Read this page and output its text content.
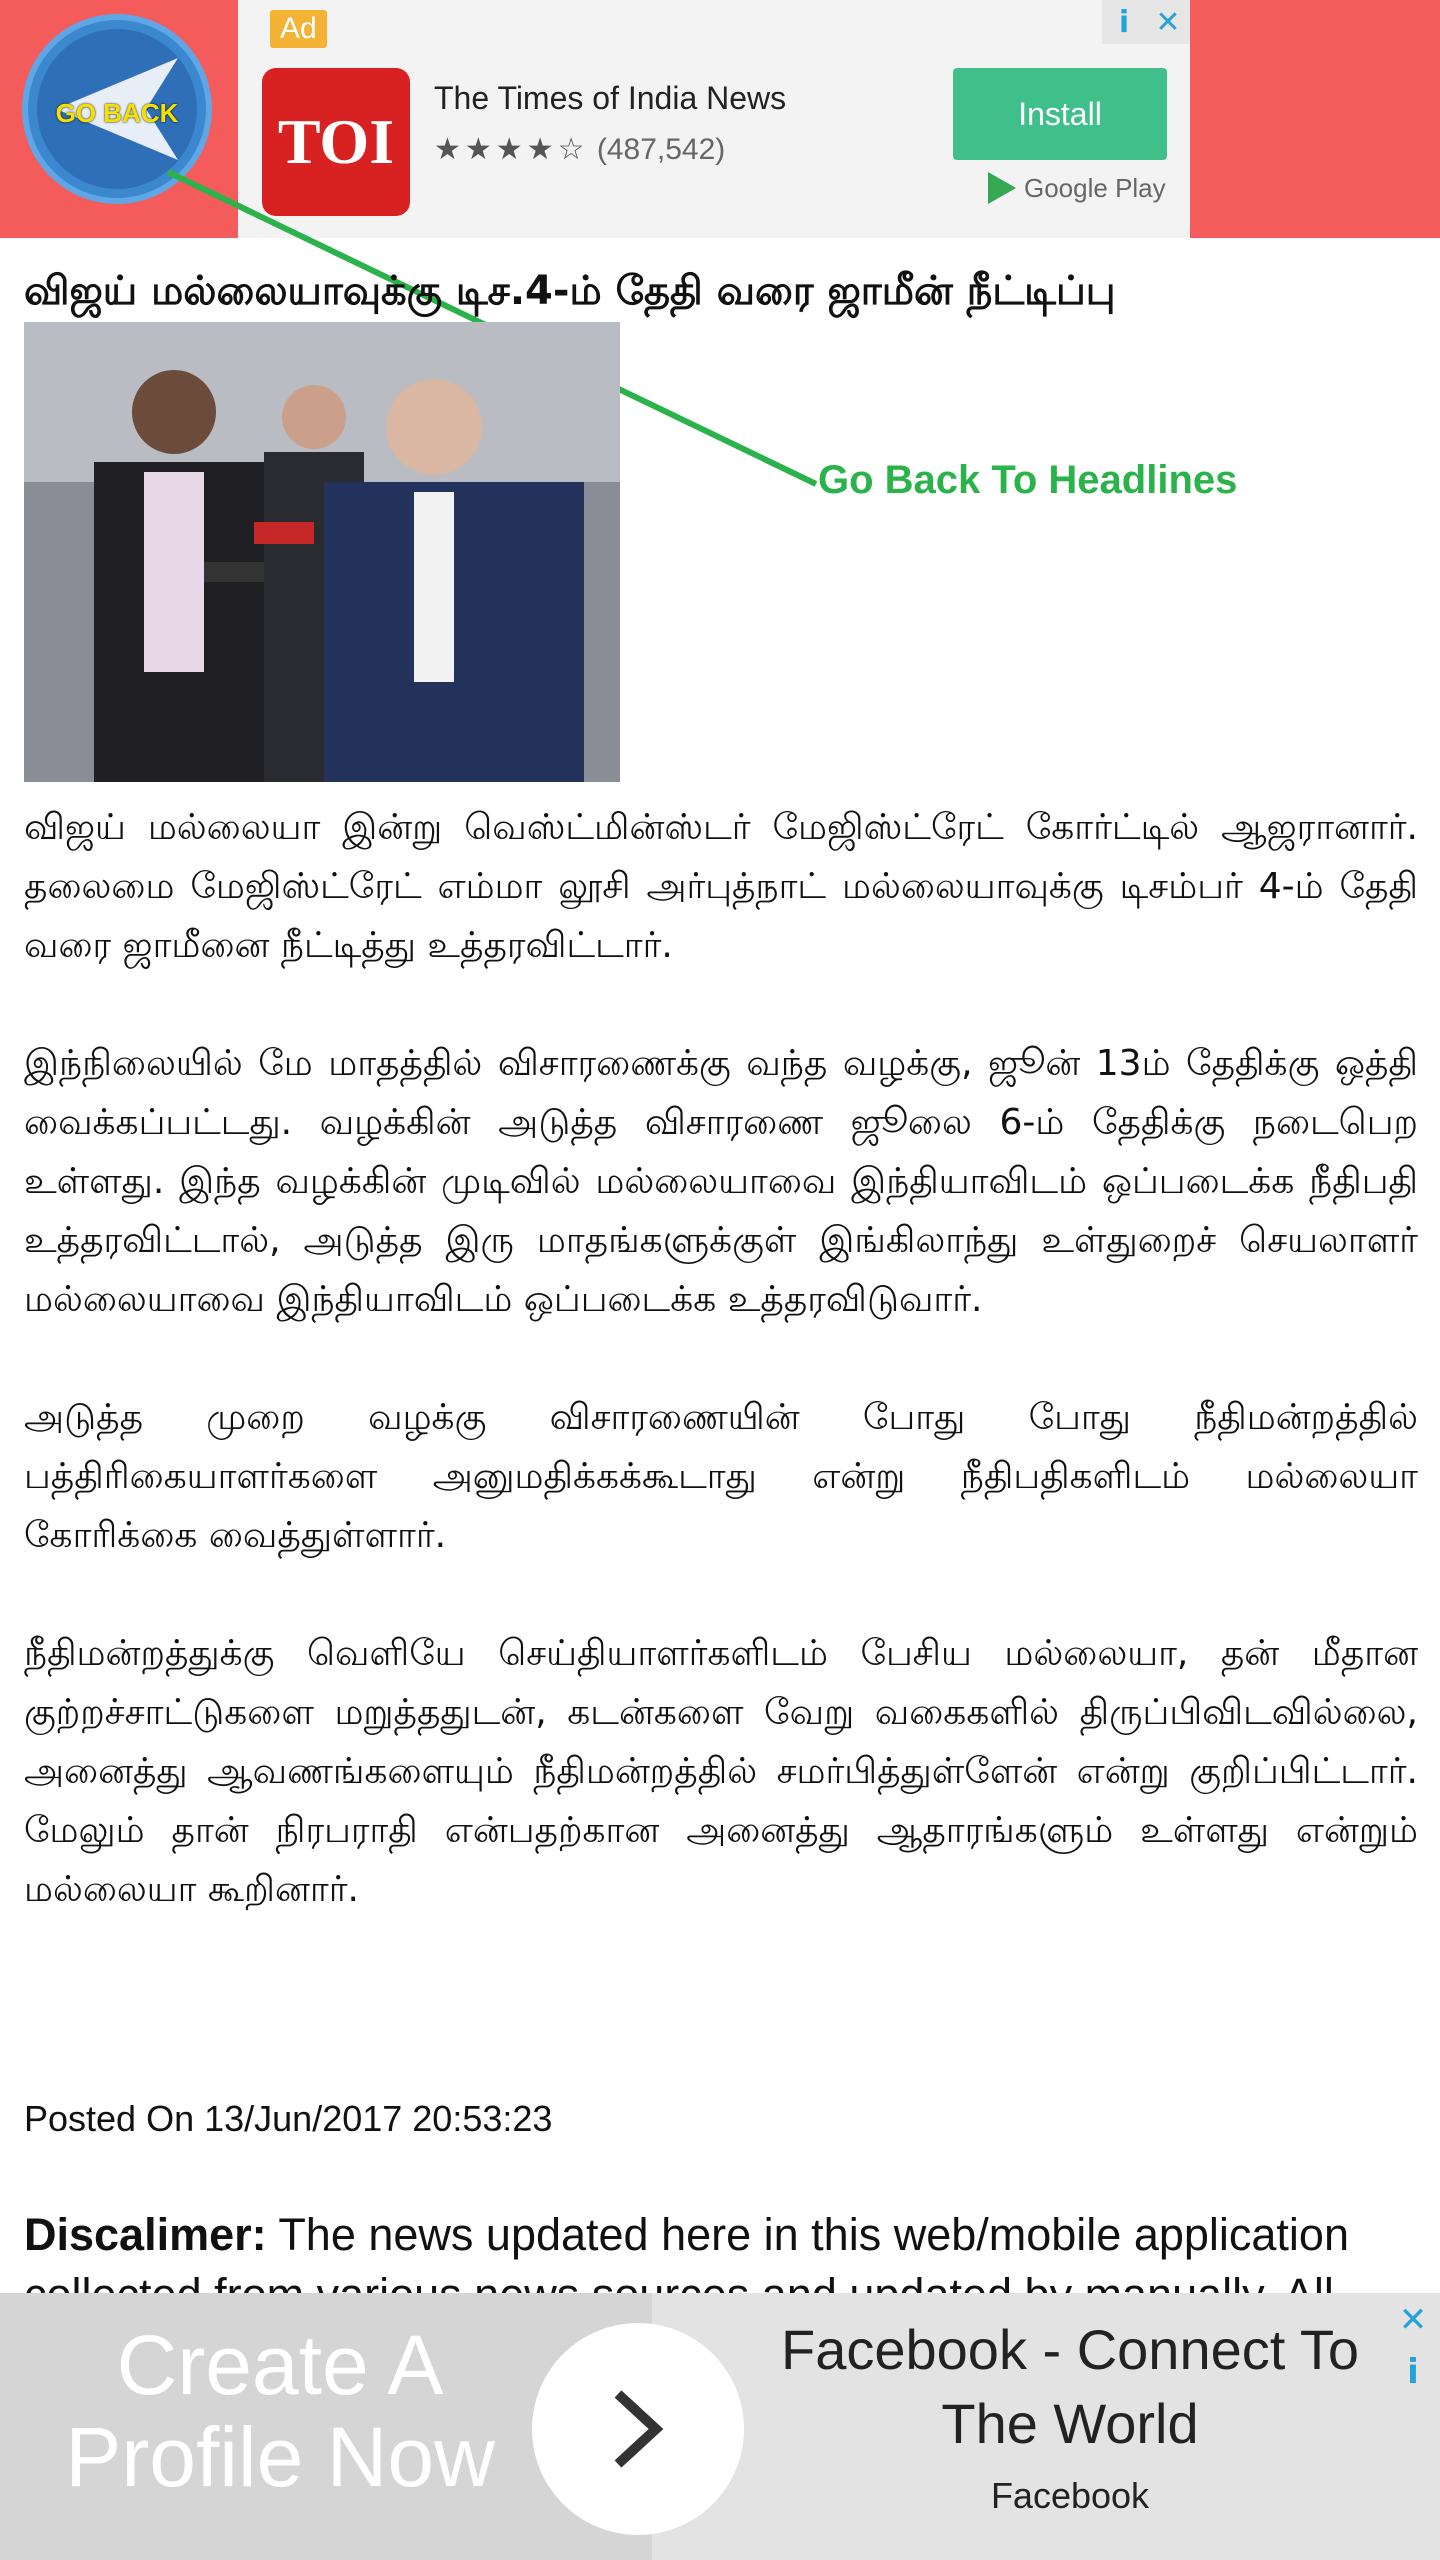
Ad	i ✕
TOI
The Times of India News
★★★★☆ (487,542)
Install
Google Play
GO BACK
Go Back To Headlines
விஜய் மல்லையாவுக்கு டிச.4-ம் தேதி வரை ஜாமீன் நீட்டிப்பு

விஜய் மல்லையா இன்று வெஸ்ட்மின்ஸ்டர் மேஜிஸ்ட்ரேட் கோர்ட்டில் ஆஜரானார். தலைமை மேஜிஸ்ட்ரேட் எம்மா லூசி அர்புத்நாட் மல்லையாவுக்கு டிசம்பர் 4-ம் தேதி வரை ஜாமீனை நீட்டித்து உத்தரவிட்டார்.

இந்நிலையில் மே மாதத்தில் விசாரணைக்கு வந்த வழக்கு, ஜூன் 13ம் தேதிக்கு ஒத்தி வைக்கப்பட்டது. வழக்கின் அடுத்த விசாரணை ஜூலை 6-ம் தேதிக்கு நடைபெற உள்ளது. இந்த வழக்கின் முடிவில் மல்லையாவை இந்தியாவிடம் ஒப்படைக்க நீதிபதி உத்தரவிட்டால், அடுத்த இரு மாதங்களுக்குள் இங்கிலாந்து உள்துறைச் செயலாளர் மல்லையாவை இந்தியாவிடம் ஒப்படைக்க உத்தரவிடுவார்.

அடுத்த முறை வழக்கு விசாரணையின் போது போது நீதிமன்றத்தில் பத்திரிகையாளர்களை அனுமதிக்கக்கூடாது என்று நீதிபதிகளிடம் மல்லையா கோரிக்கை வைத்துள்ளார்.

நீதிமன்றத்துக்கு வெளியே செய்தியாளர்களிடம் பேசிய மல்லையா, தன் மீதான குற்றச்சாட்டுகளை மறுத்ததுடன், கடன்களை வேறு வகைகளில் திருப்பிவிடவில்லை, அனைத்து ஆவணங்களையும் நீதிமன்றத்தில் சமர்பித்துள்ளேன் என்று குறிப்பிட்டார். மேலும் தான் நிரபராதி என்பதற்கான அனைத்து ஆதாரங்களும் உள்ளது என்றும் மல்லையா கூறினார்.

Posted On 13/Jun/2017 20:53:23
Discalimer: The news updated here in this web/mobile application
Create A Profile Now
Facebook - Connect To The World
Facebook
✕
i
